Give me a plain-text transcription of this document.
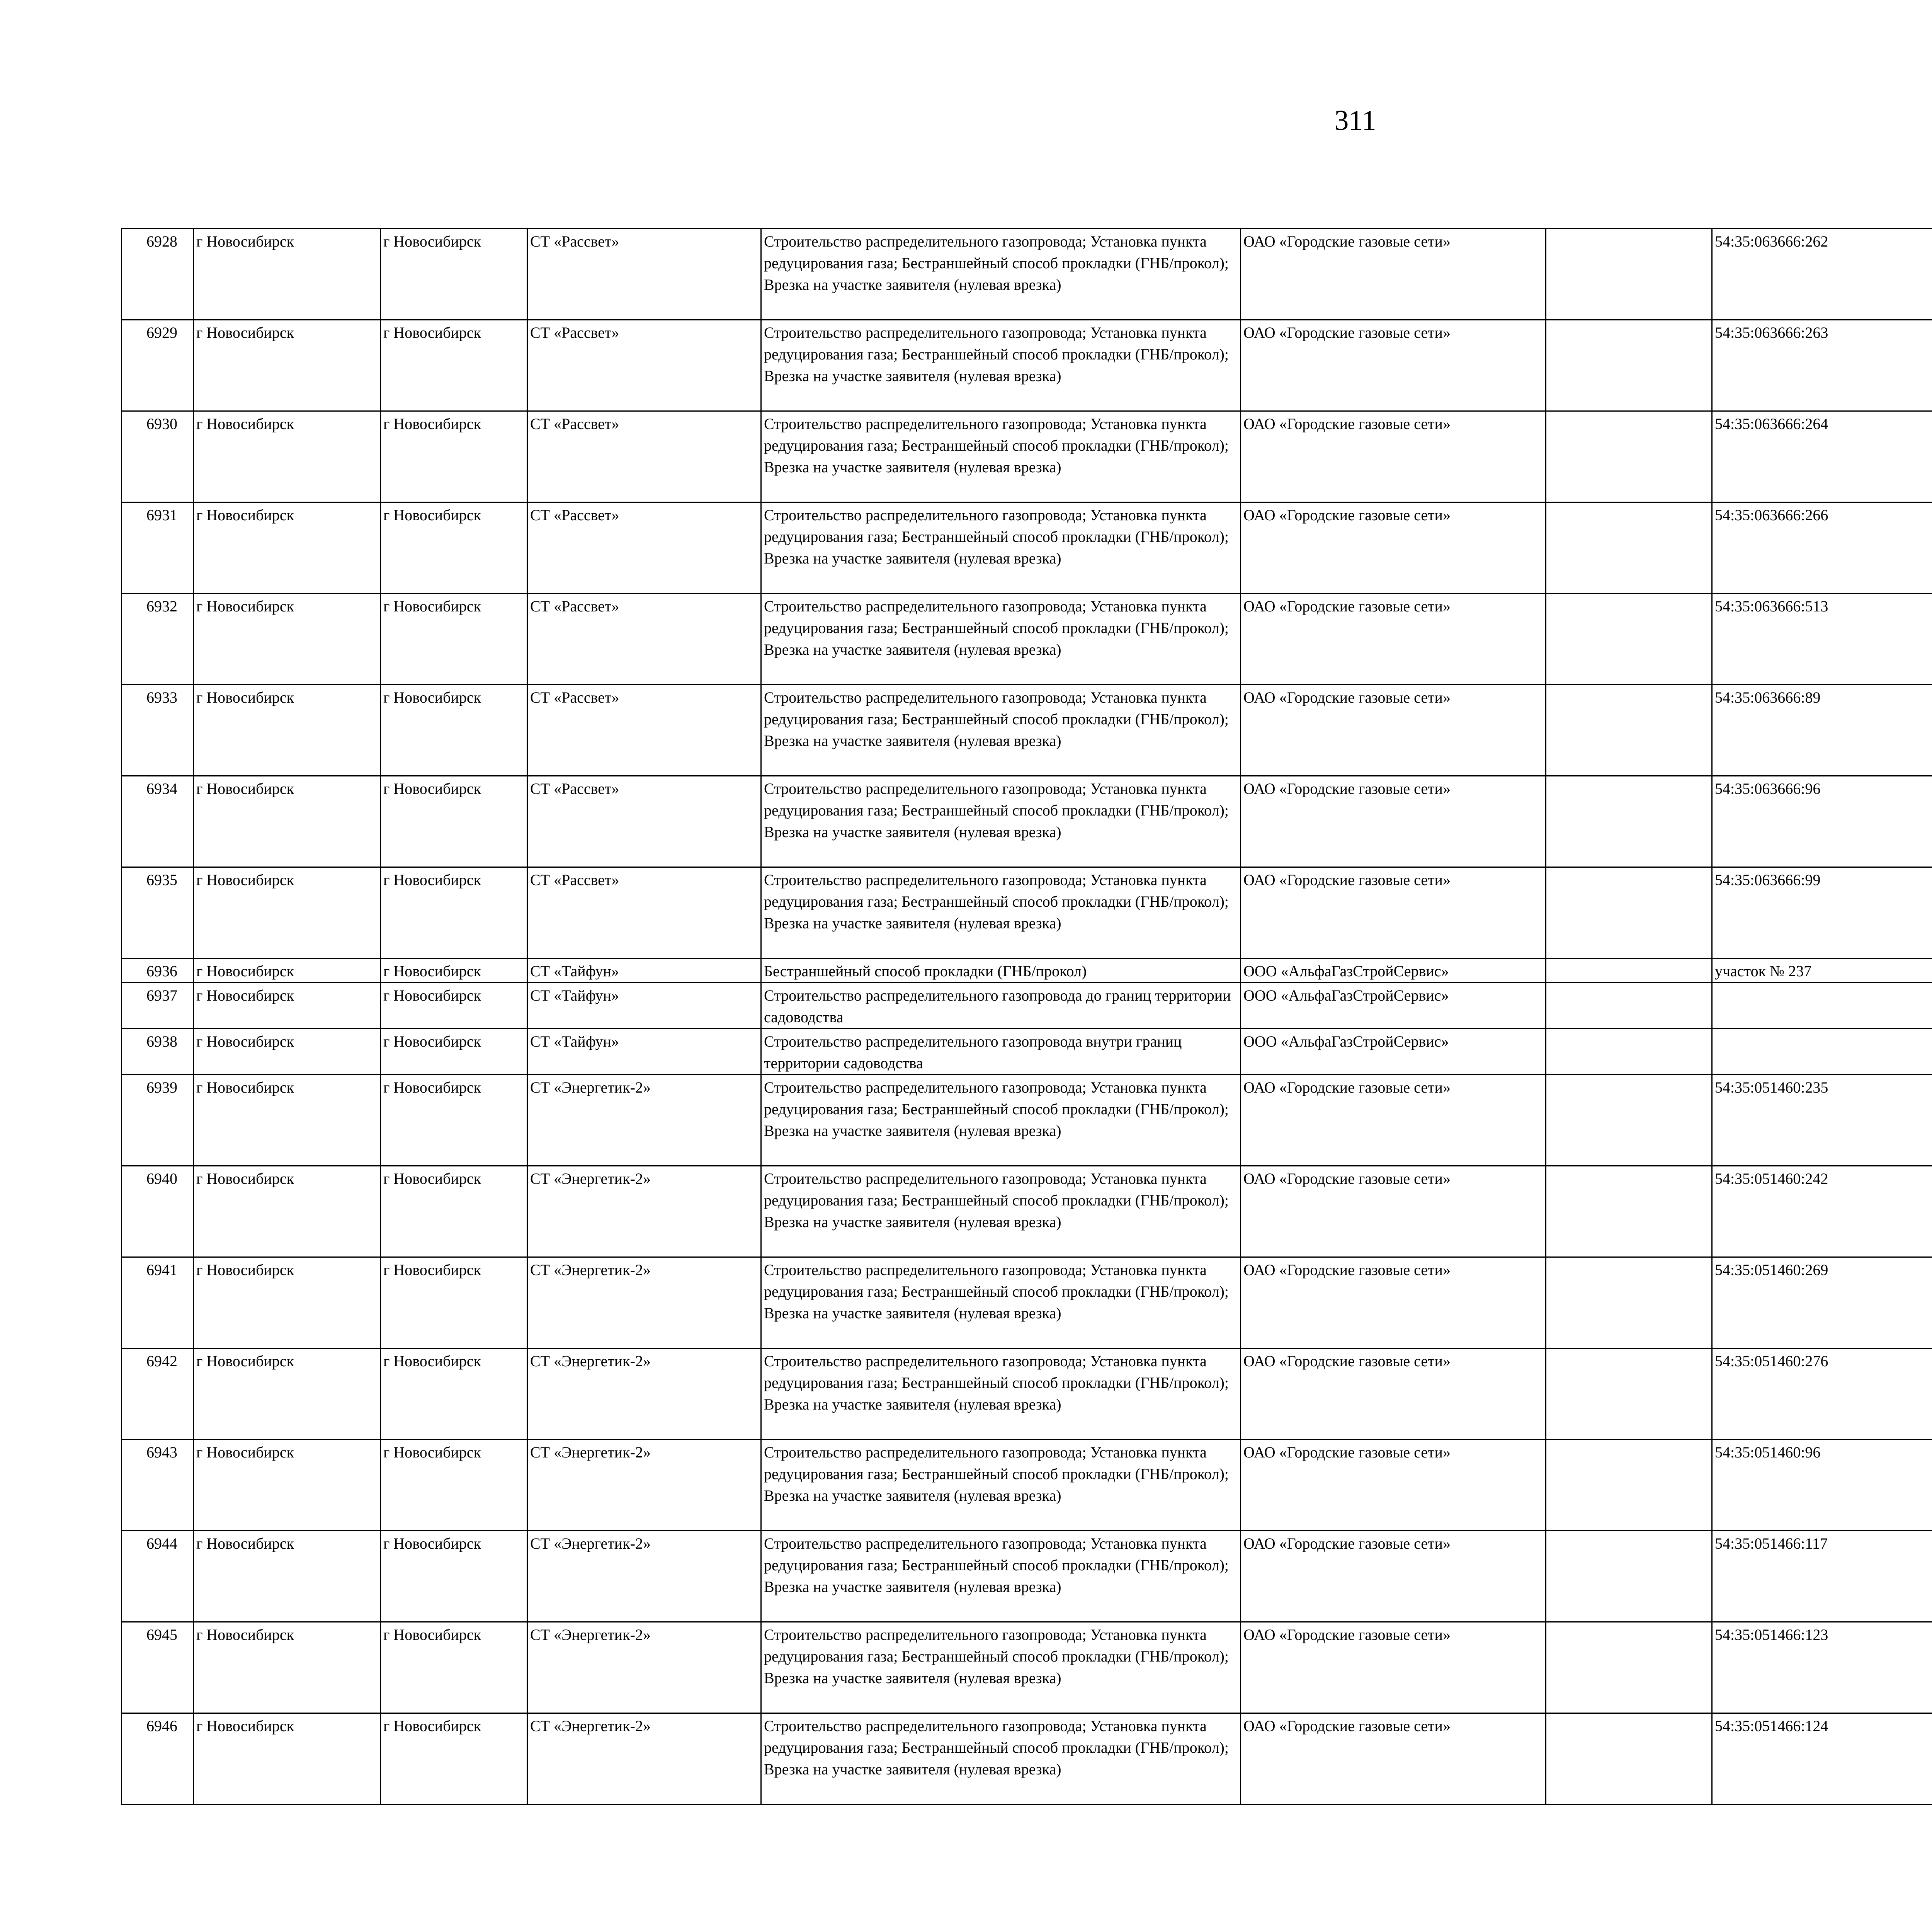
311
6928	г Новосибирск	г Новосибирск	СТ «Рассвет»	Строительство распределительного газопровода; Установка пункта редуцирования газа; Бестраншейный способ прокладки (ГНБ/прокол); Врезка на участке заявителя (нулевая врезка)	ОАО «Городские газовые сети»		54:35:063666:262					
6929	г Новосибирск	г Новосибирск	СТ «Рассвет»	Строительство распределительного газопровода; Установка пункта редуцирования газа; Бестраншейный способ прокладки (ГНБ/прокол); Врезка на участке заявителя (нулевая врезка)	ОАО «Городские газовые сети»		54:35:063666:263					
6930	г Новосибирск	г Новосибирск	СТ «Рассвет»	Строительство распределительного газопровода; Установка пункта редуцирования газа; Бестраншейный способ прокладки (ГНБ/прокол); Врезка на участке заявителя (нулевая врезка)	ОАО «Городские газовые сети»		54:35:063666:264					
6931	г Новосибирск	г Новосибирск	СТ «Рассвет»	Строительство распределительного газопровода; Установка пункта редуцирования газа; Бестраншейный способ прокладки (ГНБ/прокол); Врезка на участке заявителя (нулевая врезка)	ОАО «Городские газовые сети»		54:35:063666:266					
6932	г Новосибирск	г Новосибирск	СТ «Рассвет»	Строительство распределительного газопровода; Установка пункта редуцирования газа; Бестраншейный способ прокладки (ГНБ/прокол); Врезка на участке заявителя (нулевая врезка)	ОАО «Городские газовые сети»		54:35:063666:513					
6933	г Новосибирск	г Новосибирск	СТ «Рассвет»	Строительство распределительного газопровода; Установка пункта редуцирования газа; Бестраншейный способ прокладки (ГНБ/прокол); Врезка на участке заявителя (нулевая врезка)	ОАО «Городские газовые сети»		54:35:063666:89					
6934	г Новосибирск	г Новосибирск	СТ «Рассвет»	Строительство распределительного газопровода; Установка пункта редуцирования газа; Бестраншейный способ прокладки (ГНБ/прокол); Врезка на участке заявителя (нулевая врезка)	ОАО «Городские газовые сети»		54:35:063666:96					
6935	г Новосибирск	г Новосибирск	СТ «Рассвет»	Строительство распределительного газопровода; Установка пункта редуцирования газа; Бестраншейный способ прокладки (ГНБ/прокол); Врезка на участке заявителя (нулевая врезка)	ОАО «Городские газовые сети»		54:35:063666:99					
6936	г Новосибирск	г Новосибирск	СТ «Тайфун»	Бестраншейный способ прокладки (ГНБ/прокол)	ООО «АльфаГазСтройСервис»		участок № 237					
6937	г Новосибирск	г Новосибирск	СТ «Тайфун»	Строительство распределительного газопровода до границ территории садоводства	ООО «АльфаГазСтройСервис»							
6938	г Новосибирск	г Новосибирск	СТ «Тайфун»	Строительство распределительного газопровода внутри границ территории садоводства	ООО «АльфаГазСтройСервис»							
6939	г Новосибирск	г Новосибирск	СТ «Энергетик-2»	Строительство распределительного газопровода; Установка пункта редуцирования газа; Бестраншейный способ прокладки (ГНБ/прокол); Врезка на участке заявителя (нулевая врезка)	ОАО «Городские газовые сети»		54:35:051460:235					
6940	г Новосибирск	г Новосибирск	СТ «Энергетик-2»	Строительство распределительного газопровода; Установка пункта редуцирования газа; Бестраншейный способ прокладки (ГНБ/прокол); Врезка на участке заявителя (нулевая врезка)	ОАО «Городские газовые сети»		54:35:051460:242					
6941	г Новосибирск	г Новосибирск	СТ «Энергетик-2»	Строительство распределительного газопровода; Установка пункта редуцирования газа; Бестраншейный способ прокладки (ГНБ/прокол); Врезка на участке заявителя (нулевая врезка)	ОАО «Городские газовые сети»		54:35:051460:269					
6942	г Новосибирск	г Новосибирск	СТ «Энергетик-2»	Строительство распределительного газопровода; Установка пункта редуцирования газа; Бестраншейный способ прокладки (ГНБ/прокол); Врезка на участке заявителя (нулевая врезка)	ОАО «Городские газовые сети»		54:35:051460:276					
6943	г Новосибирск	г Новосибирск	СТ «Энергетик-2»	Строительство распределительного газопровода; Установка пункта редуцирования газа; Бестраншейный способ прокладки (ГНБ/прокол); Врезка на участке заявителя (нулевая врезка)	ОАО «Городские газовые сети»		54:35:051460:96					
6944	г Новосибирск	г Новосибирск	СТ «Энергетик-2»	Строительство распределительного газопровода; Установка пункта редуцирования газа; Бестраншейный способ прокладки (ГНБ/прокол); Врезка на участке заявителя (нулевая врезка)	ОАО «Городские газовые сети»		54:35:051466:117					
6945	г Новосибирск	г Новосибирск	СТ «Энергетик-2»	Строительство распределительного газопровода; Установка пункта редуцирования газа; Бестраншейный способ прокладки (ГНБ/прокол); Врезка на участке заявителя (нулевая врезка)	ОАО «Городские газовые сети»		54:35:051466:123					
6946	г Новосибирск	г Новосибирск	СТ «Энергетик-2»	Строительство распределительного газопровода; Установка пункта редуцирования газа; Бестраншейный способ прокладки (ГНБ/прокол); Врезка на участке заявителя (нулевая врезка)	ОАО «Городские газовые сети»		54:35:051466:124					
